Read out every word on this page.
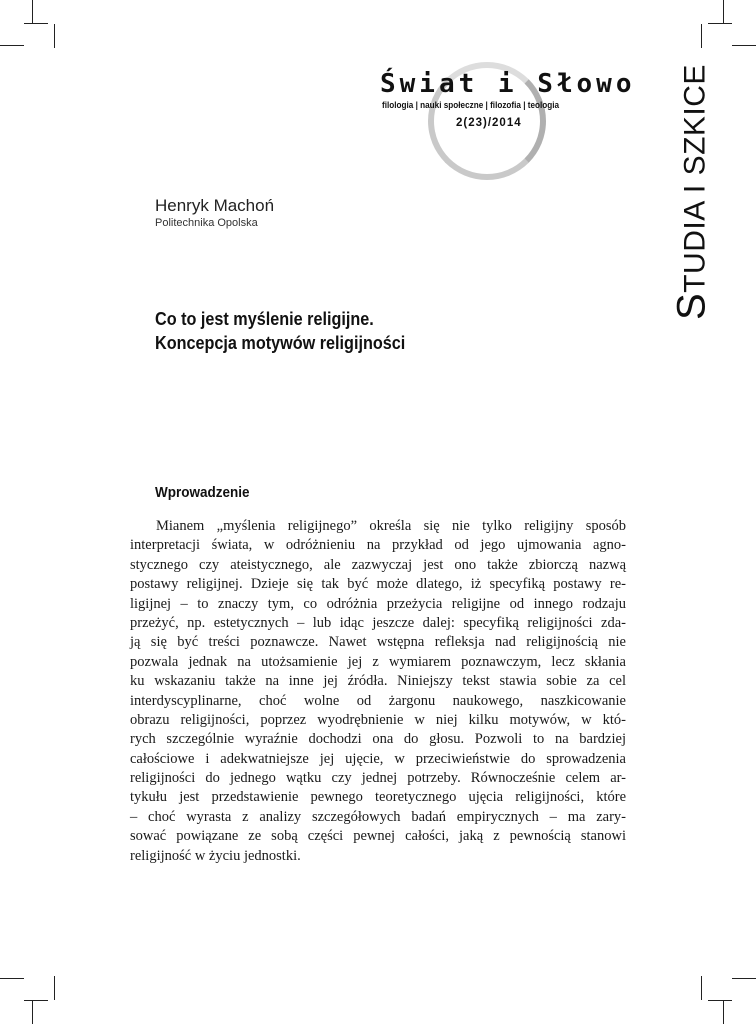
Świat i Słowo
filologia | nauki społeczne | filozofia | teologia
2(23)/2014
STUDIA I SZKICE

Henryk Machoń

Politechnika Opolska

Co to jest myślenie religijne.
Koncepcja motywów religijności
Wprowadzenie
Mianem „myślenia religijnego” określa się nie tylko religijny sposób
interpretacji świata, w odróżnieniu na przykład od jego ujmowania agno-
stycznego czy ateistycznego, ale zazwyczaj jest ono także zbiorczą nazwą
postawy religijnej. Dzieje się tak być może dlatego, iż specyfiką postawy re-
ligijnej – to znaczy tym, co odróżnia przeżycia religijne od innego rodzaju
przeżyć, np. estetycznych – lub idąc jeszcze dalej: specyfiką religijności zda-
ją się być treści poznawcze. Nawet wstępna refleksja nad religijnością nie
pozwala jednak na utożsamienie jej z wymiarem poznawczym, lecz skłania
ku wskazaniu także na inne jej źródła. Niniejszy tekst stawia sobie za cel
interdyscyplinarne, choć wolne od żargonu naukowego, naszkicowanie
obrazu religijności, poprzez wyodrębnienie w niej kilku motywów, w któ-
rych szczególnie wyraźnie dochodzi ona do głosu. Pozwoli to na bardziej
całościowe i adekwatniejsze jej ujęcie, w przeciwieństwie do sprowadzenia
religijności do jednego wątku czy jednej potrzeby. Równocześnie celem ar-
tykułu jest przedstawienie pewnego teoretycznego ujęcia religijności, które
– choć wyrasta z analizy szczegółowych badań empirycznych – ma zary-
sować powiązane ze sobą części pewnej całości, jaką z pewnością stanowi
religijność w życiu jednostki.
